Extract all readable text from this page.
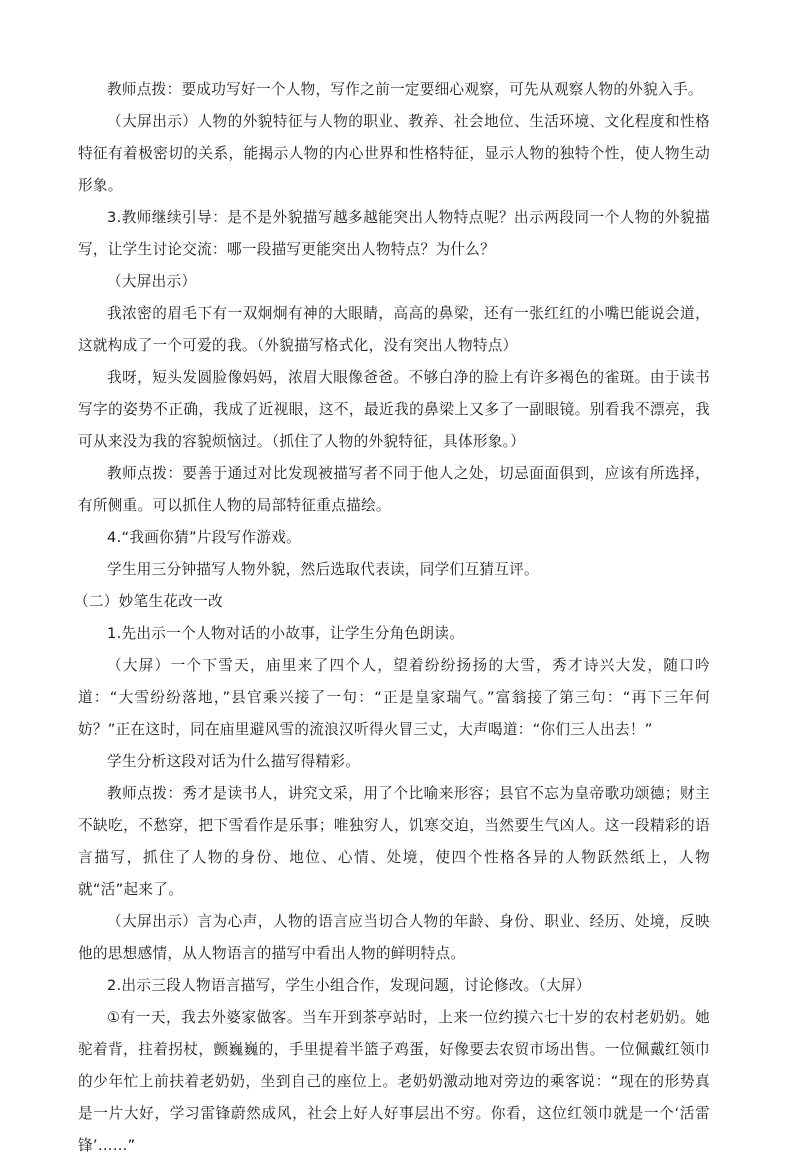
教师点拨：要成功写好一个人物，写作之前一定要细心观察，可先从观察人物的外貌入手。

（大屏出示）人物的外貌特征与人物的职业、教养、社会地位、生活环境、文化程度和性格特征有着极密切的关系，能揭示人物的内心世界和性格特征，显示人物的独特个性，使人物生动形象。

3.教师继续引导：是不是外貌描写越多越能突出人物特点呢？出示两段同一个人物的外貌描写，让学生讨论交流：哪一段描写更能突出人物特点？为什么？

（大屏出示）

我浓密的眉毛下有一双炯炯有神的大眼睛，高高的鼻梁，还有一张红红的小嘴巴能说会道，这就构成了一个可爱的我。（外貌描写格式化，没有突出人物特点）

我呀，短头发圆脸像妈妈，浓眉大眼像爸爸。不够白净的脸上有许多褐色的雀斑。由于读书写字的姿势不正确，我成了近视眼，这不，最近我的鼻梁上又多了一副眼镜。别看我不漂亮，我可从来没为我的容貌烦恼过。（抓住了人物的外貌特征，具体形象。）

教师点拨：要善于通过对比发现被描写者不同于他人之处，切忌面面俱到，应该有所选择，有所侧重。可以抓住人物的局部特征重点描绘。

4.“我画你猜”片段写作游戏。

学生用三分钟描写人物外貌，然后选取代表读，同学们互猜互评。

（二）妙笔生花改一改

1.先出示一个人物对话的小故事，让学生分角色朗读。

（大屏）一个下雪天，庙里来了四个人，望着纷纷扬扬的大雪，秀才诗兴大发，随口吟道：“大雪纷纷落地，”县官乘兴接了一句：“正是皇家瑞气。”富翁接了第三句：“再下三年何妨？”正在这时，同在庙里避风雪的流浪汉听得火冒三丈，大声喝道：“你们三人出去！”

学生分析这段对话为什么描写得精彩。

教师点拨：秀才是读书人，讲究文采，用了个比喻来形容；县官不忘为皇帝歌功颂德；财主不缺吃，不愁穿，把下雪看作是乐事；唯独穷人，饥寒交迫，当然要生气凶人。这一段精彩的语言描写，抓住了人物的身份、地位、心情、处境，使四个性格各异的人物跃然纸上，人物就“活”起来了。

（大屏出示）言为心声，人物的语言应当切合人物的年龄、身份、职业、经历、处境，反映他的思想感情，从人物语言的描写中看出人物的鲜明特点。

2.出示三段人物语言描写，学生小组合作，发现问题，讨论修改。（大屏）

①有一天，我去外婆家做客。当车开到茶亭站时，上来一位约摸六七十岁的农村老奶奶。她驼着背，拄着拐杖，颤巍巍的，手里提着半篮子鸡蛋，好像要去农贸市场出售。一位佩戴红领巾的少年忙上前扶着老奶奶，坐到自己的座位上。老奶奶激动地对旁边的乘客说：“现在的形势真是一片大好，学习雷锋蔚然成风，社会上好人好事层出不穷。你看，这位红领巾就是一个‘活雷锋’……”
